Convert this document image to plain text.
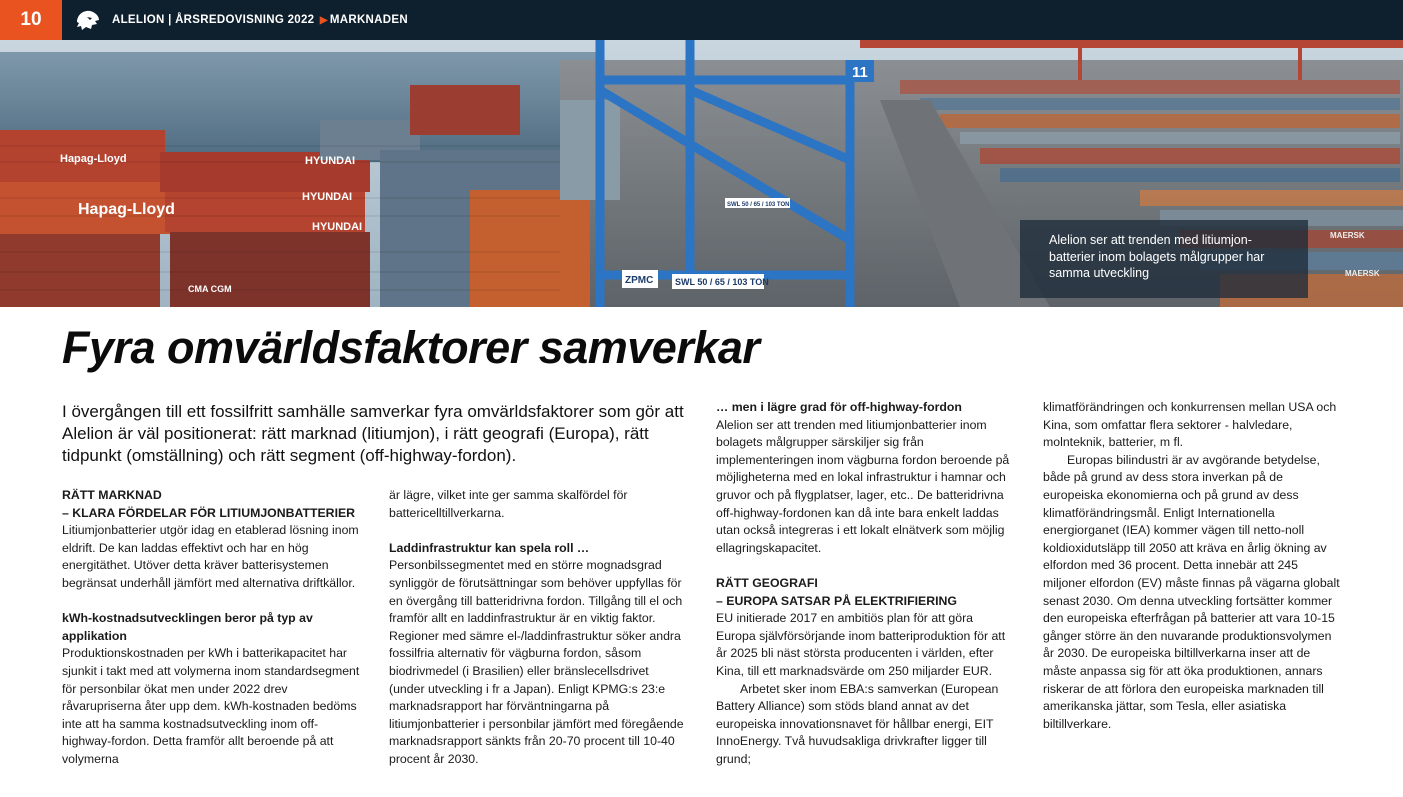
10	ALELION | ÅRSREDOVISNING 2022 ▶ MARKNADEN
Hapag-Lloyd
Hapag-Lloyd
HYUNDAI
HYUNDAI
HYUNDAI
CMA CGM
MAERSK
MAERSK
11
SWL 50 / 65 / 103 TON
SWL 50 / 65 / 103 TON
ZPMC
Alelion ser att trenden med litiumjon-batterier inom bolagets målgrupper har samma utveckling
Fyra omvärldsfaktorer samverkar

I övergången till ett fossilfritt samhälle samverkar fyra omvärldsfaktorer som gör att Alelion är väl positionerat: rätt marknad (litiumjon), i rätt geografi (Europa), rätt tidpunkt (omställning) och rätt segment (off-highway-fordon).

RÄTT MARKNAD

– KLARA FÖRDELAR FÖR LITIUMJONBATTERIER

Litiumjonbatterier utgör idag en etablerad lösning inom eldrift. De kan laddas effektivt och har en hög energitäthet. Utöver detta kräver batterisystemen begränsat underhåll jämfört med alternativa driftkällor.

kWh-kostnadsutvecklingen beror på typ av applikation

Produktionskostnaden per kWh i batterikapacitet har sjunkit i takt med att volymerna inom standardsegment för personbilar ökat men under 2022 drev råvarupriserna åter upp dem. kWh-kostnaden bedöms inte att ha samma kostnadsutveckling inom off-highway-fordon. Detta framför allt beroende på att volymerna

är lägre, vilket inte ger samma skalfördel för battericelltillverkarna.

Laddinfrastruktur kan spela roll …

Personbilssegmentet med en större mognadsgrad synliggör de förutsättningar som behöver uppfyllas för en övergång till batteridrivna fordon. Tillgång till el och framför allt en laddinfrastruktur är en viktig faktor. Regioner med sämre el-/laddinfrastruktur söker andra fossilfria alternativ för vägburna fordon, såsom biodrivmedel (i Brasilien) eller bränslecellsdrivet (under utveckling i fr a Japan). Enligt KPMG:s 23:e marknadsrapport har förväntningarna på litiumjonbatterier i personbilar jämfört med föregående marknadsrapport sänkts från 20-70 procent till 10-40 procent år 2030.

… men i lägre grad för off-highway-fordon

Alelion ser att trenden med litiumjonbatterier inom bolagets målgrupper särskiljer sig från implementeringen inom vägburna fordon beroende på möjligheterna med en lokal infrastruktur i hamnar och gruvor och på flygplatser, lager, etc.. De batteridrivna off-highway-fordonen kan då inte bara enkelt laddas utan också integreras i ett lokalt elnätverk som möjlig ellagringskapacitet.

RÄTT GEOGRAFI

– EUROPA SATSAR PÅ ELEKTRIFIERING

EU initierade 2017 en ambitiös plan för att göra Europa självförsörjande inom batteriproduktion för att år 2025 bli näst största producenten i världen, efter Kina, till ett marknadsvärde om 250 miljarder EUR.

Arbetet sker inom EBA:s samverkan (European Battery Alliance) som stöds bland annat av det europeiska innovationsnavet för hållbar energi, EIT InnoEnergy. Två huvudsakliga drivkrafter ligger till grund;

klimatförändringen och konkurrensen mellan USA och Kina, som omfattar flera sektorer - halvledare, molnteknik, batterier, m fl.

Europas bilindustri är av avgörande betydelse, både på grund av dess stora inverkan på de europeiska ekonomierna och på grund av dess klimatförändringsmål. Enligt Internationella energiorganet (IEA) kommer vägen till netto-noll koldioxidutsläpp till 2050 att kräva en årlig ökning av elfordon med 36 procent. Detta innebär att 245 miljoner elfordon (EV) måste finnas på vägarna globalt senast 2030. Om denna utveckling fortsätter kommer den europeiska efterfrågan på batterier att vara 10-15 gånger större än den nuvarande produktionsvolymen år 2030. De europeiska biltillverkarna inser att de måste anpassa sig för att öka produktionen, annars riskerar de att förlora den europeiska marknaden till amerikanska jättar, som Tesla, eller asiatiska biltillverkare.
